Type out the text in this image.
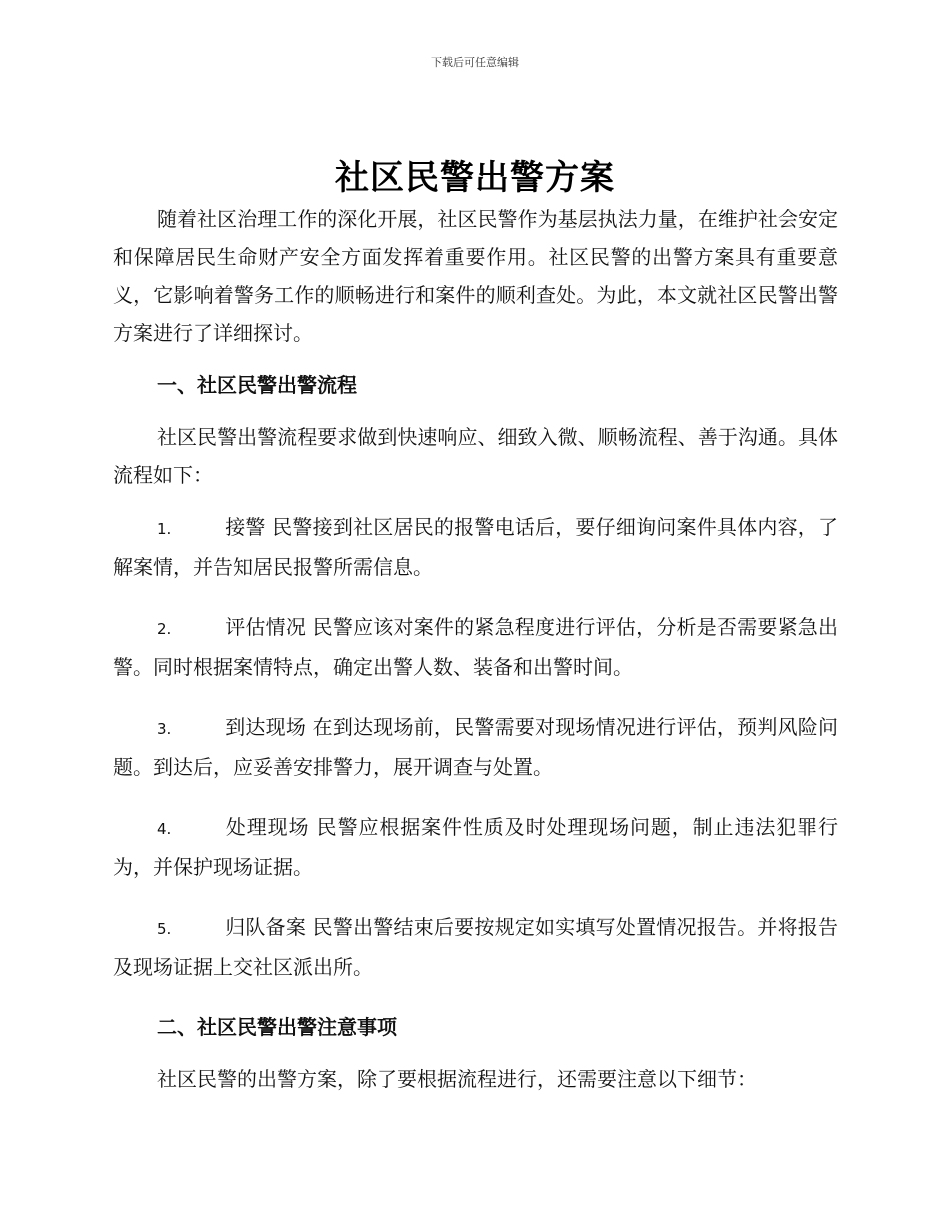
下载后可任意编辑
社区民警出警方案

随着社区治理工作的深化开展，社区民警作为基层执法力量，在维护社会安定和保障居民生命财产安全方面发挥着重要作用。社区民警的出警方案具有重要意义，它影响着警务工作的顺畅进行和案件的顺利查处。为此，本文就社区民警出警方案进行了详细探讨。

一、社区民警出警流程

社区民警出警流程要求做到快速响应、细致入微、顺畅流程、善于沟通。具体流程如下：

1.	接警 民警接到社区居民的报警电话后，要仔细询问案件具体内容，了解案情，并告知居民报警所需信息。
2.	评估情况 民警应该对案件的紧急程度进行评估，分析是否需要紧急出警。同时根据案情特点，确定出警人数、装备和出警时间。
3.	到达现场 在到达现场前，民警需要对现场情况进行评估，预判风险问题。到达后，应妥善安排警力，展开调查与处置。
4.	处理现场 民警应根据案件性质及时处理现场问题，制止违法犯罪行为，并保护现场证据。
5.	归队备案 民警出警结束后要按规定如实填写处置情况报告。并将报告及现场证据上交社区派出所。
二、社区民警出警注意事项

社区民警的出警方案，除了要根据流程进行，还需要注意以下细节：
